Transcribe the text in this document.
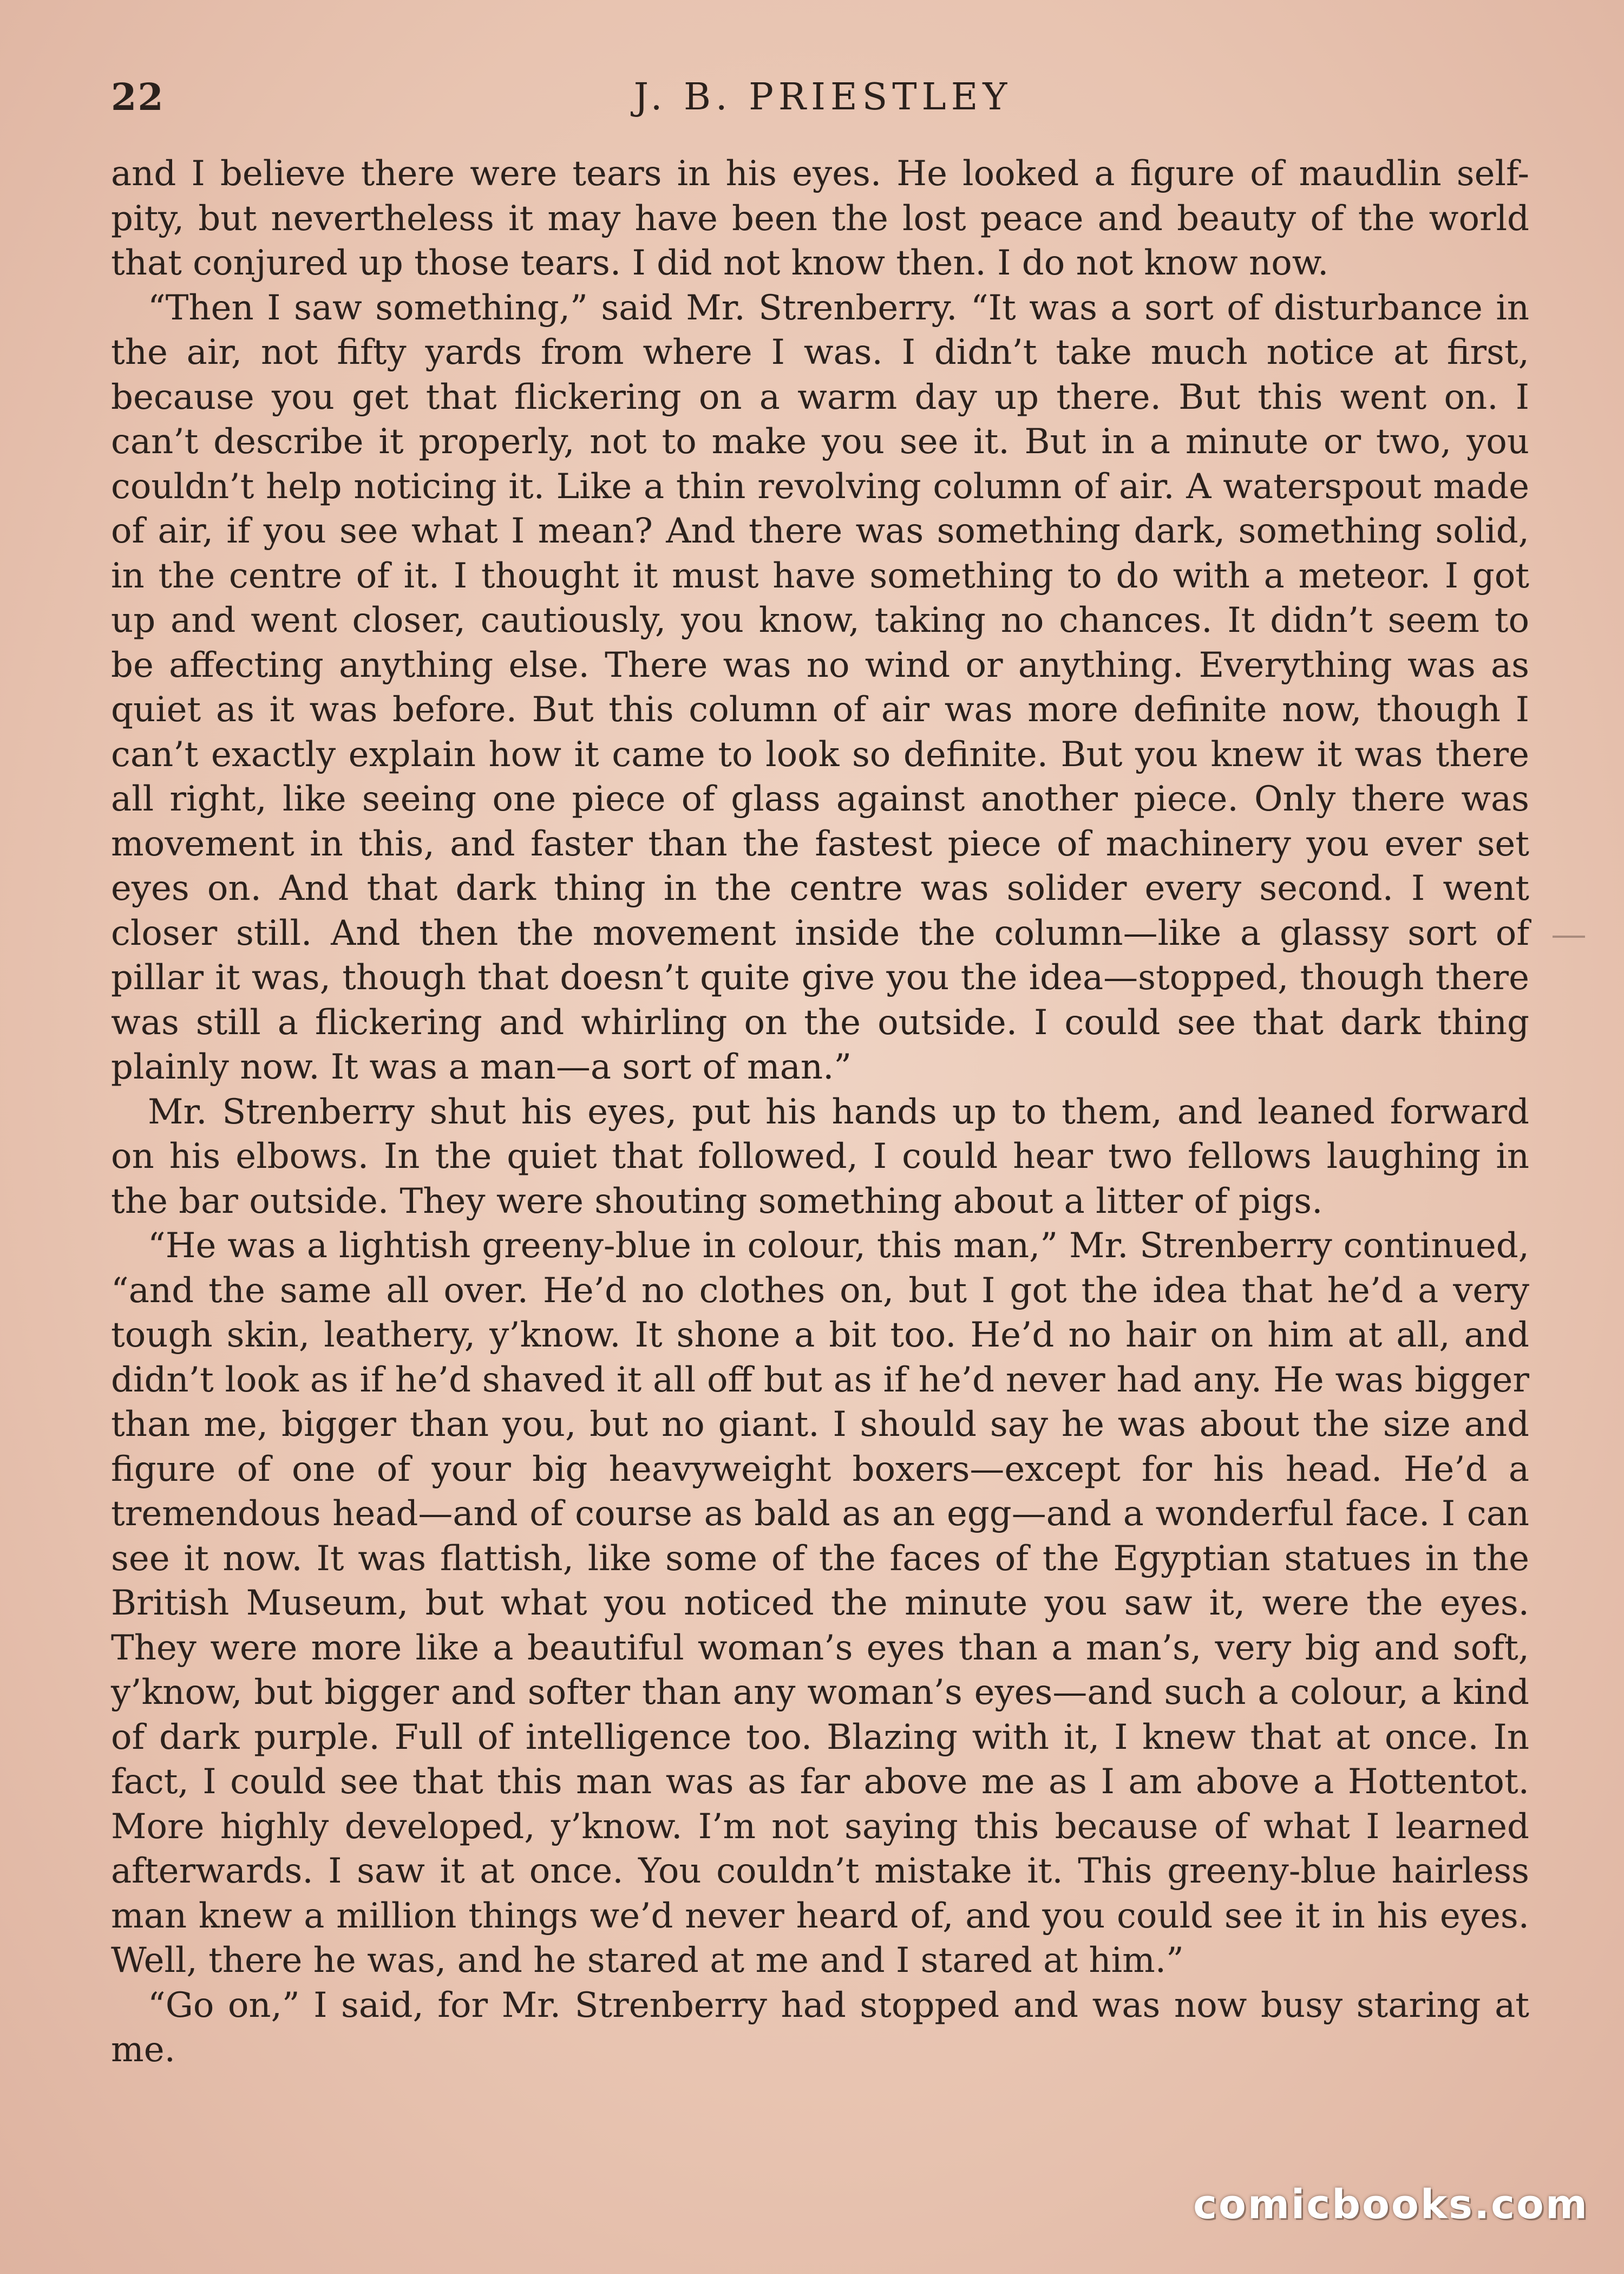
22	J. B. PRIESTLEY

and I believe there were tears in his eyes. He looked a figure of maudlin self-pity, but nevertheless it may have been the lost peace and beauty of the world that conjured up those tears. I did not know then. I do not know now.

“Then I saw something,” said Mr. Strenberry. “It was a sort of disturbance in the air, not fifty yards from where I was. I didn’t take much notice at first, because you get that flickering on a warm day up there. But this went on. I can’t describe it properly, not to make you see it. But in a minute or two, you couldn’t help noticing it. Like a thin revolving column of air. A waterspout made of air, if you see what I mean? And there was something dark, something solid, in the centre of it. I thought it must have something to do with a meteor. I got up and went closer, cautiously, you know, taking no chances. It didn’t seem to be affecting anything else. There was no wind or anything. Everything was as quiet as it was before. But this column of air was more definite now, though I can’t exactly explain how it came to look so definite. But you knew it was there all right, like seeing one piece of glass against another piece. Only there was movement in this, and faster than the fastest piece of machinery you ever set eyes on. And that dark thing in the centre was solider every second. I went closer still. And then the movement inside the column—like a glassy sort of pillar it was, though that doesn’t quite give you the idea—stopped, though there was still a flickering and whirling on the outside. I could see that dark thing plainly now. It was a man—a sort of man.”

Mr. Strenberry shut his eyes, put his hands up to them, and leaned forward on his elbows. In the quiet that followed, I could hear two fellows laughing in the bar outside. They were shouting something about a litter of pigs.

“He was a lightish greeny-blue in colour, this man,” Mr. Strenberry continued, “and the same all over. He’d no clothes on, but I got the idea that he’d a very tough skin, leathery, y’know. It shone a bit too. He’d no hair on him at all, and didn’t look as if he’d shaved it all off but as if he’d never had any. He was bigger than me, bigger than you, but no giant. I should say he was about the size and figure of one of your big heavyweight boxers—except for his head. He’d a tremendous head—and of course as bald as an egg—and a wonderful face. I can see it now. It was flattish, like some of the faces of the Egyptian statues in the British Museum, but what you noticed the minute you saw it, were the eyes. They were more like a beautiful woman’s eyes than a man’s, very big and soft, y’know, but bigger and softer than any woman’s eyes—and such a colour, a kind of dark purple. Full of intelligence too. Blazing with it, I knew that at once. In fact, I could see that this man was as far above me as I am above a Hottentot. More highly developed, y’know. I’m not saying this because of what I learned afterwards. I saw it at once. You couldn’t mistake it. This greeny-blue hairless man knew a million things we’d never heard of, and you could see it in his eyes. Well, there he was, and he stared at me and I stared at him.”

“Go on,” I said, for Mr. Strenberry had stopped and was now busy staring at me.

comicbooks.com
